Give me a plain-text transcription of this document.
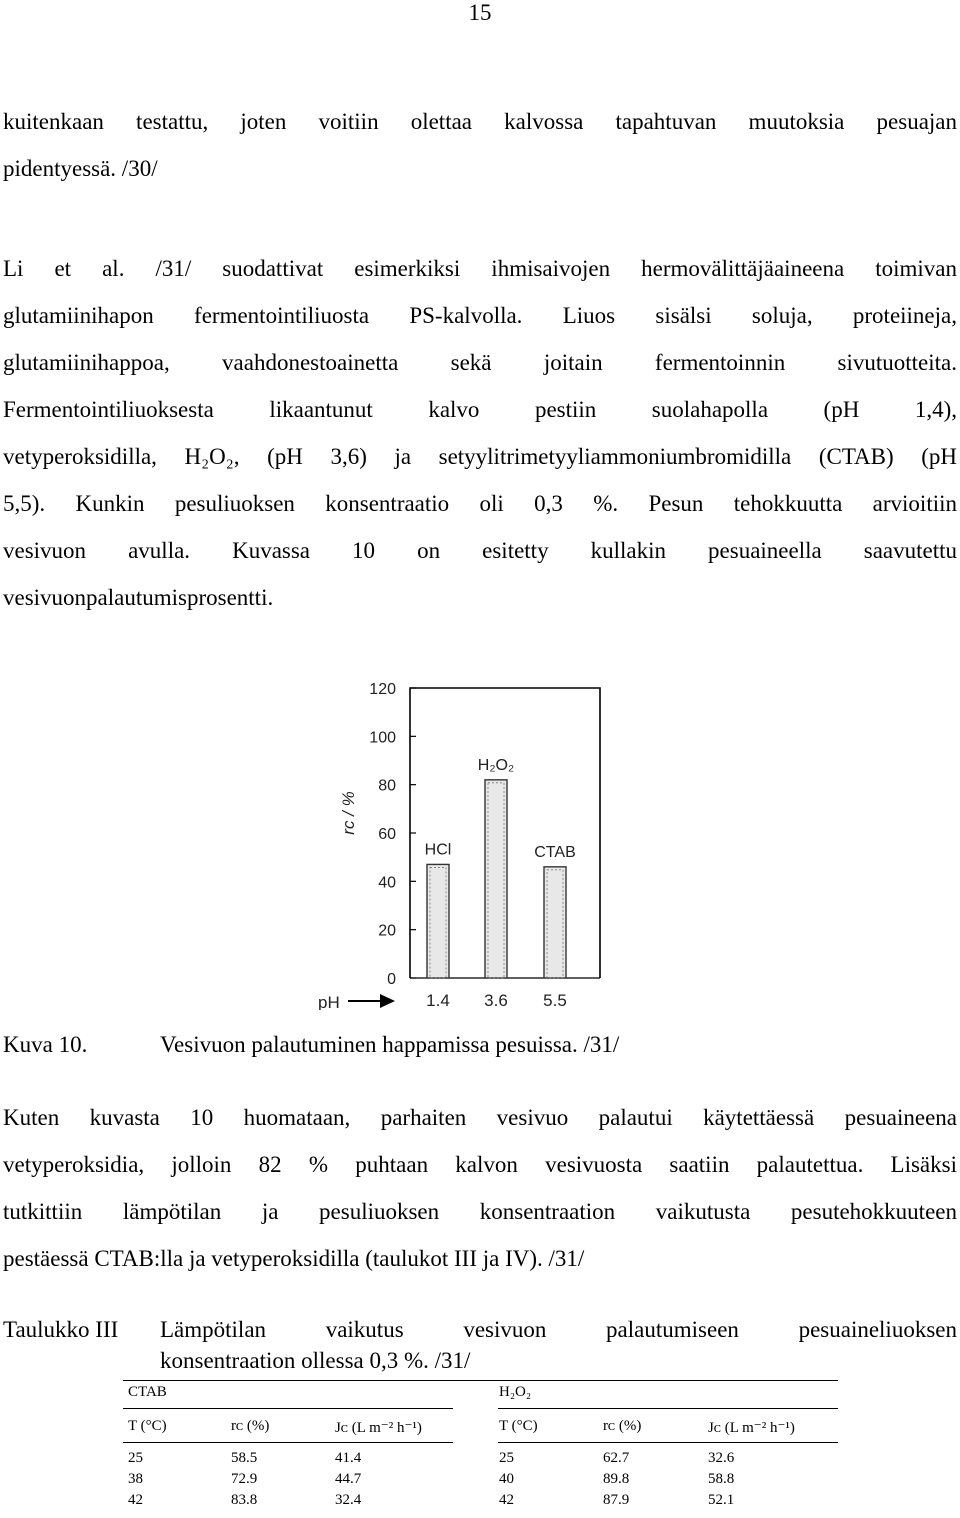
15
kuitenkaan testattu, joten voitiin olettaa kalvossa tapahtuvan muutoksia pesuajan
pidentyessä. /30/
Li et al. /31/ suodattivat esimerkiksi ihmisaivojen hermovälittäjäaineena toimivan
glutamiinihapon fermentointiliuosta PS-kalvolla. Liuos sisälsi soluja, proteiineja,
glutamiinihappoa, vaahdonestoainetta sekä joitain fermentoinnin sivutuotteita.
Fermentointiliuoksesta likaantunut kalvo pestiin suolahapolla (pH 1,4),
vetyperoksidilla, H₂O₂, (pH 3,6) ja setyylitrimetyyliammoniumbromidilla (CTAB) (pH
5,5). Kunkin pesuliuoksen konsentraatio oli 0,3 %. Pesun tehokkuutta arvioitiin
vesivuon avulla. Kuvassa 10 on esitetty kullakin pesuaineella saavutettu
vesivuonpalautumisprosentti.
0
20
40
60
80
100
120
rᴄ / %
HCl
1.4
H₂O₂
3.6
CTAB
5.5
pH
Kuva 10.	Vesivuon palautuminen happamissa pesuissa. /31/
Kuten kuvasta 10 huomataan, parhaiten vesivuo palautui käytettäessä pesuaineena
vetyperoksidia, jolloin 82 % puhtaan kalvon vesivuosta saatiin palautettua. Lisäksi
tutkittiin lämpötilan ja pesuliuoksen konsentraation vaikutusta pesutehokkuuteen
pestäessä CTAB:lla ja vetyperoksidilla (taulukot III ja IV). /31/
Taulukko III Lämpötilan vaikutus vesivuon palautumiseen pesuaineliuoksen
konsentraation ollessa 0,3 %. /31/
CTAB	H₂O₂
T (°C)	rᴄ (%)	Jᴄ (L m⁻² h⁻¹)	T (°C)	rᴄ (%)	Jᴄ (L m⁻² h⁻¹)
25	58.5	41.4	25	62.7	32.6
38	72.9	44.7	40	89.8	58.8
42	83.8	32.4	42	87.9	52.1
